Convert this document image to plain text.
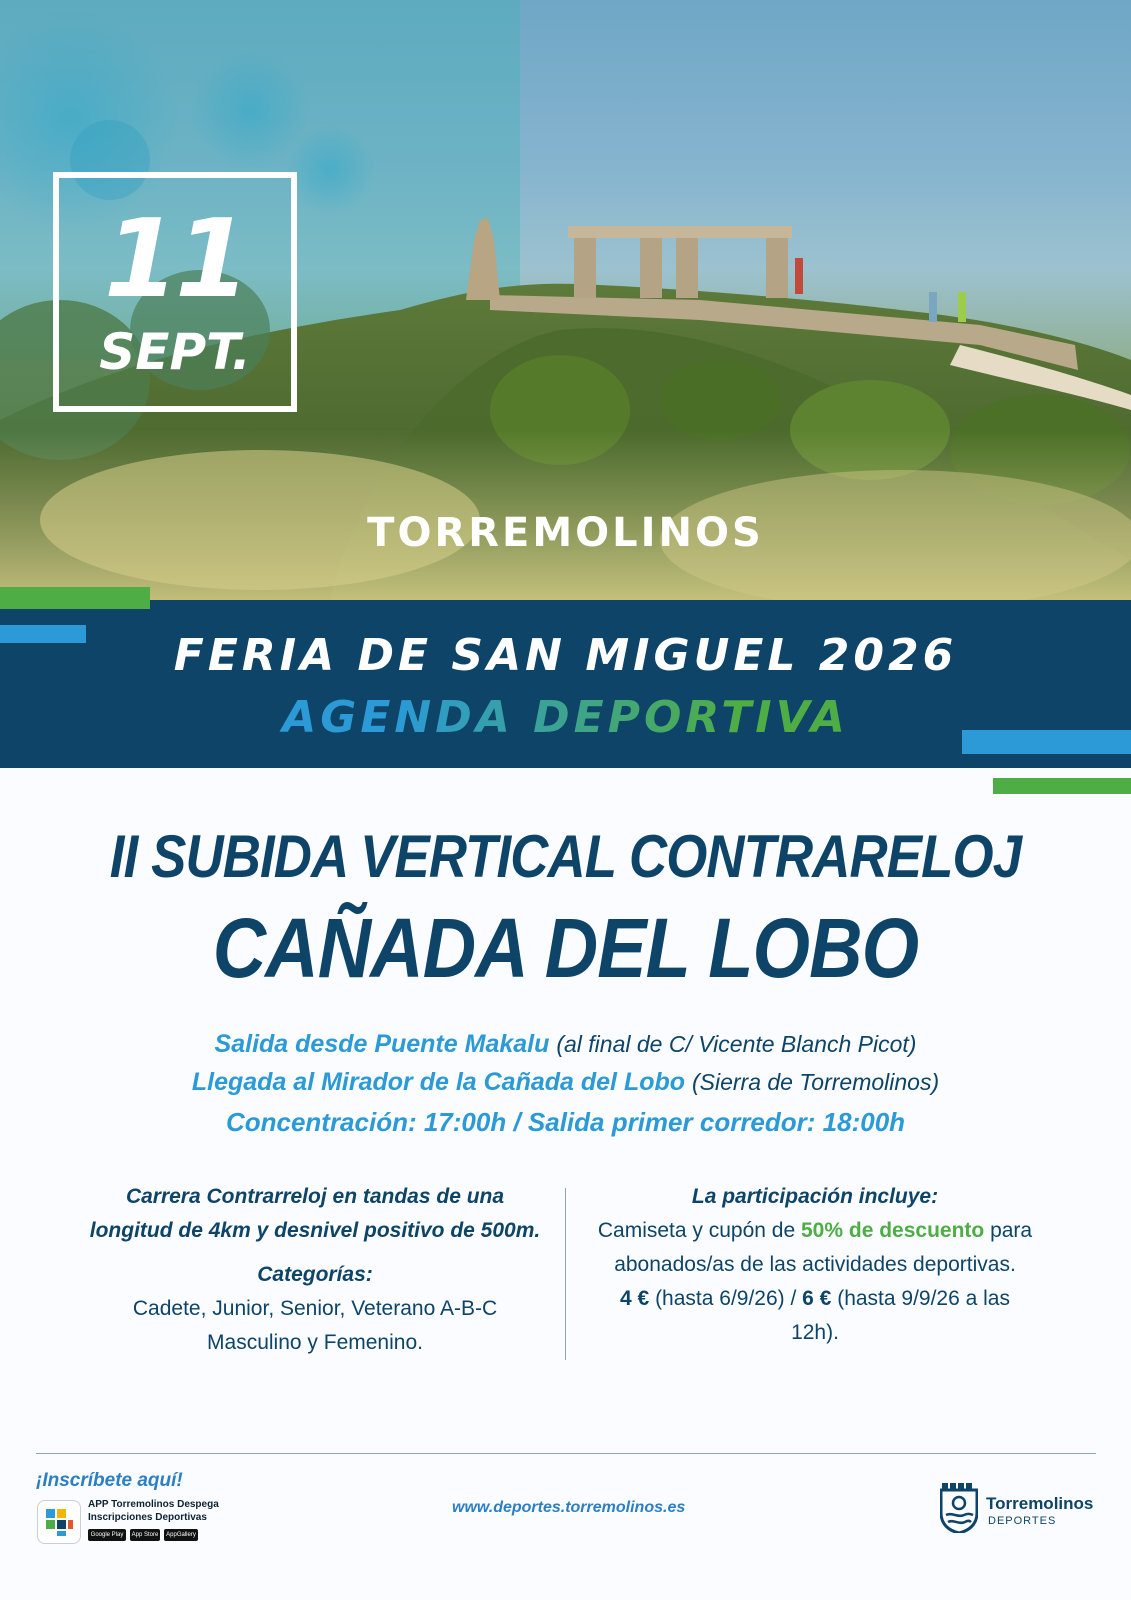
11
SEPT.
TORREMOLINOS
FERIA DE SAN MIGUEL 2026
AGENDA DEPORTIVA
II SUBIDA VERTICAL CONTRARELOJ
CAÑADA DEL LOBO
Salida desde Puente Makalu (al final de C/ Vicente Blanch Picot)
Llegada al Mirador de la Cañada del Lobo (Sierra de Torremolinos)
Concentración: 17:00h / Salida primer corredor: 18:00h
Carrera Contrarreloj en tandas de una
longitud de 4km y desnivel positivo de 500m.
Categorías:
Cadete, Junior, Senior, Veterano A-B-C
Masculino y Femenino.
La participación incluye:
Camiseta y cupón de 50% de descuento para
abonados/as de las actividades deportivas.
4 € (hasta 6/9/26) / 6 € (hasta 9/9/26 a las
12h).
¡Inscríbete aquí!
APP Torremolinos Despega
Inscripciones Deportivas
Google Play	App Store	AppGallery
www.deportes.torremolinos.es	Torremolinos
DEPORTES
